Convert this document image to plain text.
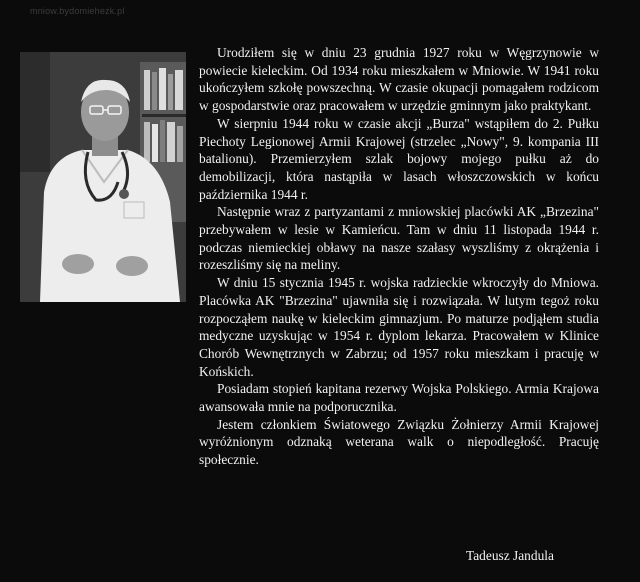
mniow.bydomiehezk.pl

Urodziłem się w dniu 23 grudnia 1927 roku w Węgrzynowie w powiecie kieleckim. Od 1934 roku mieszkałem w Mniowie. W 1941 roku ukończyłem szkołę powszechną. W czasie okupacji pomagałem rodzicom w gospodarstwie oraz pracowałem w urzędzie gminnym jako praktykant.

W sierpniu 1944 roku w czasie akcji „Burza" wstąpiłem do 2. Pułku Piechoty Legionowej Armii Krajowej (strzelec „Nowy", 9. kompania III batalionu). Przemierzyłem szlak bojowy mojego pułku aż do demobilizacji, która nastąpiła w lasach włoszczowskich w końcu października 1944 r.

Następnie wraz z partyzantami z mniowskiej placówki AK „Brzezina" przebywałem w lesie w Kamieńcu. Tam w dniu 11 listopada 1944 r. podczas niemieckiej obławy na nasze szałasy wyszliśmy z okrążenia i rozeszliśmy się na meliny.

W dniu 15 stycznia 1945 r. wojska radzieckie wkroczyły do Mniowa. Placówka AK "Brzezina" ujawniła się i rozwiązała. W lutym tegoż roku rozpocząłem naukę w kieleckim gimnazjum. Po maturze podjąłem studia medyczne uzyskując w 1954 r. dyplom lekarza. Pracowałem w Klinice Chorób Wewnętrznych w Zabrzu; od 1957 roku mieszkam i pracuję w Końskich.

Posiadam stopień kapitana rezerwy Wojska Polskiego. Armia Krajowa awansowała mnie na podporucznika.

Jestem członkiem Światowego Związku Żołnierzy Armii Krajowej wyróżnionym odznaką weterana walk o niepodległość. Pracuję społecznie.

Tadeusz Jandula
